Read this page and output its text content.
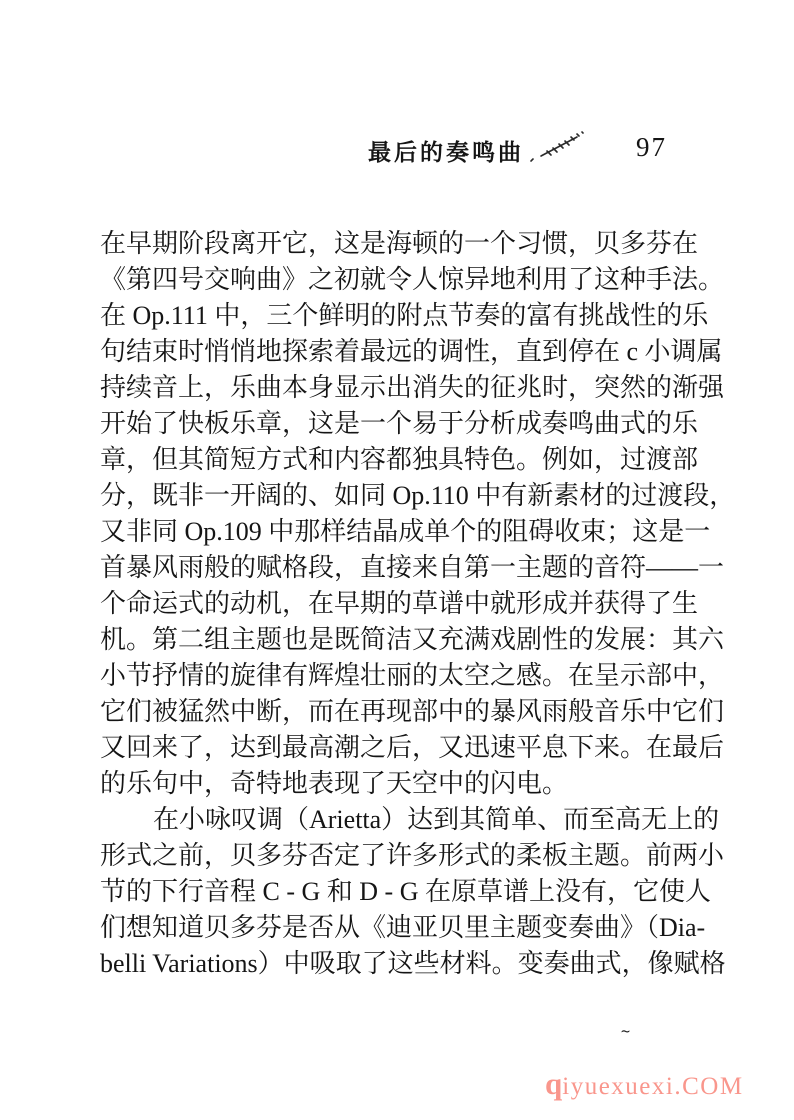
最后的奏鸣曲	97
在早期阶段离开它，这是海顿的一个习惯，贝多芬在
《第四号交响曲》之初就令人惊异地利用了这种手法。
在 Op.111 中，三个鲜明的附点节奏的富有挑战性的乐
句结束时悄悄地探索着最远的调性，直到停在 c 小调属
持续音上，乐曲本身显示出消失的征兆时，突然的渐强
开始了快板乐章，这是一个易于分析成奏鸣曲式的乐
章，但其简短方式和内容都独具特色。例如，过渡部
分，既非一开阔的、如同 Op.110 中有新素材的过渡段，
又非同 Op.109 中那样结晶成单个的阻碍收束；这是一
首暴风雨般的赋格段，直接来自第一主题的音符——一
个命运式的动机，在早期的草谱中就形成并获得了生
机。第二组主题也是既简洁又充满戏剧性的发展：其六
小节抒情的旋律有辉煌壮丽的太空之感。在呈示部中，
它们被猛然中断，而在再现部中的暴风雨般音乐中它们
又回来了，达到最高潮之后，又迅速平息下来。在最后
的乐句中，奇特地表现了天空中的闪电。
在小咏叹调（Arietta）达到其简单、而至高无上的
形式之前，贝多芬否定了许多形式的柔板主题。前两小
节的下行音程 C - G 和 D - G 在原草谱上没有，它使人
们想知道贝多芬是否从《迪亚贝里主题变奏曲》（Dia-
belli Variations）中吸取了这些材料。变奏曲式，像赋格
~
qiyuexuexi.COM
